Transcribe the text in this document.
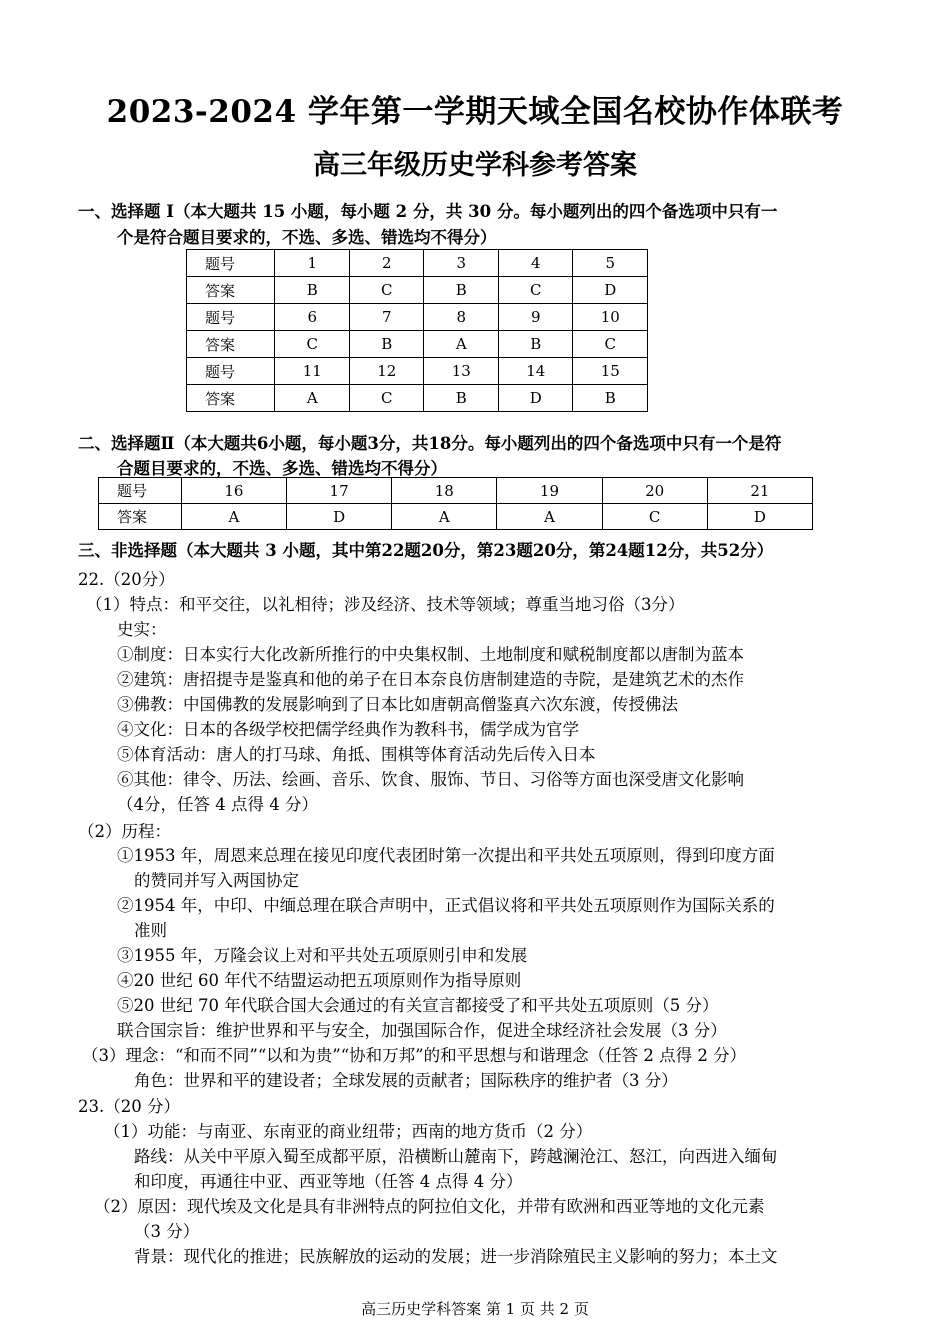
2023-2024 学年第一学期天域全国名校协作体联考
高三年级历史学科参考答案
一、选择题 I（本大题共 15 小题，每小题 2 分，共 30 分。每小题列出的四个备选项中只有一
个是符合题目要求的，不选、多选、错选均不得分）
题号	1	2	3	4	5
答案	B	C	B	C	D
题号	6	7	8	9	10
答案	C	B	A	B	C
题号	11	12	13	14	15
答案	A	C	B	D	B
二、选择题Ⅱ（本大题共6小题，每小题3分，共18分。每小题列出的四个备选项中只有一个是符
合题目要求的，不选、多选、错选均不得分）
题号	16	17	18	19	20	21
答案	A	D	A	A	C	D
三、非选择题（本大题共 3 小题，其中第22题20分，第23题20分，第24题12分，共52分）
22.（20分）
（1）特点：和平交往，以礼相待；涉及经济、技术等领域；尊重当地习俗（3分）
史实：
①制度：日本实行大化改新所推行的中央集权制、土地制度和赋税制度都以唐制为蓝本
②建筑：唐招提寺是鉴真和他的弟子在日本奈良仿唐制建造的寺院，是建筑艺术的杰作
③佛教：中国佛教的发展影响到了日本比如唐朝高僧鉴真六次东渡，传授佛法
④文化：日本的各级学校把儒学经典作为教科书，儒学成为官学
⑤体育活动：唐人的打马球、角抵、围棋等体育活动先后传入日本
⑥其他：律令、历法、绘画、音乐、饮食、服饰、节日、习俗等方面也深受唐文化影响
（4分，任答 4 点得 4 分）
（2）历程：
①1953 年，周恩来总理在接见印度代表团时第一次提出和平共处五项原则，得到印度方面
的赞同并写入两国协定
②1954 年，中印、中缅总理在联合声明中，正式倡议将和平共处五项原则作为国际关系的
准则
③1955 年，万隆会议上对和平共处五项原则引申和发展
④20 世纪 60 年代不结盟运动把五项原则作为指导原则
⑤20 世纪 70 年代联合国大会通过的有关宣言都接受了和平共处五项原则（5 分）
联合国宗旨：维护世界和平与安全，加强国际合作，促进全球经济社会发展（3 分）
（3）理念：“和而不同”“以和为贵”“协和万邦”的和平思想与和谐理念（任答 2 点得 2 分）
角色：世界和平的建设者；全球发展的贡献者；国际秩序的维护者（3 分）
23.（20 分）
（1）功能：与南亚、东南亚的商业纽带；西南的地方货币（2 分）
路线：从关中平原入蜀至成都平原，沿横断山麓南下，跨越澜沧江、怒江，向西进入缅甸
和印度，再通往中亚、西亚等地（任答 4 点得 4 分）
（2）原因：现代埃及文化是具有非洲特点的阿拉伯文化，并带有欧洲和西亚等地的文化元素
（3 分）
背景：现代化的推进；民族解放的运动的发展；进一步消除殖民主义影响的努力；本土文
高三历史学科答案 第 1 页 共 2 页
